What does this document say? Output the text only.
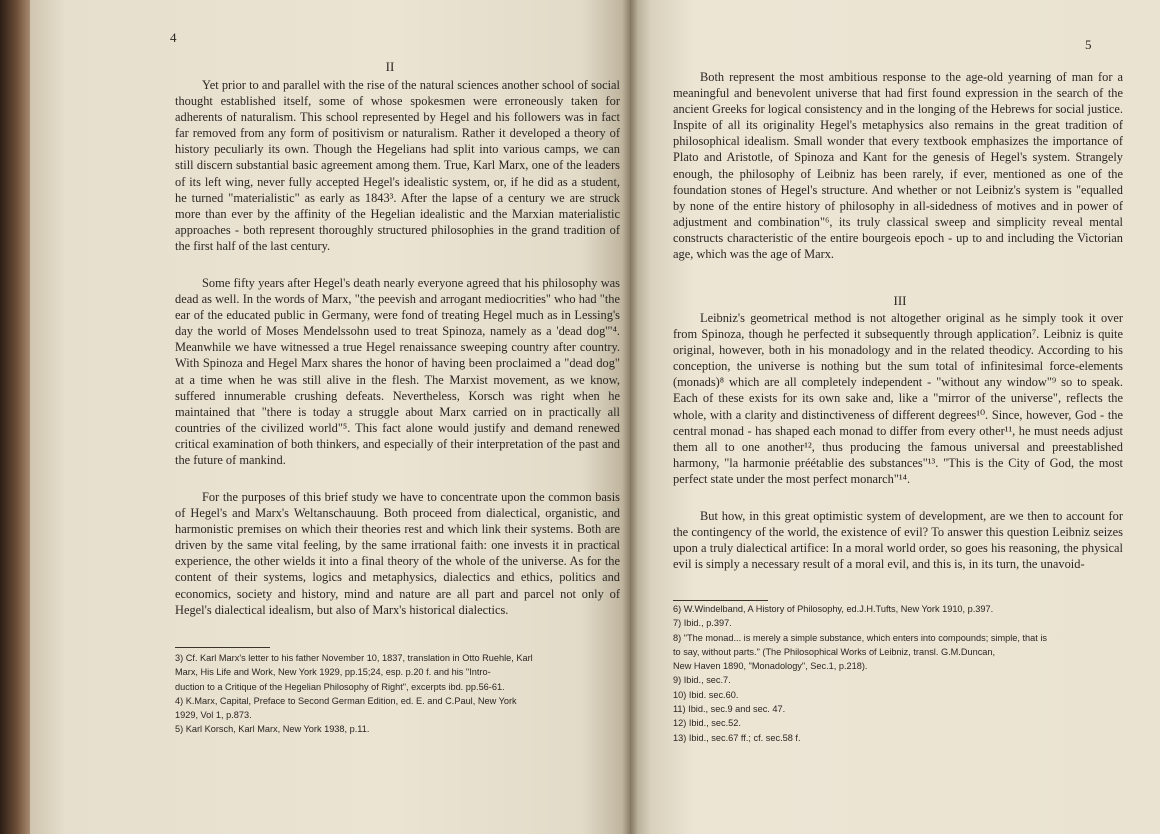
4
II

Yet prior to and parallel with the rise of the natural sciences another school of social thought established itself, some of whose spokesmen were erroneously taken for adherents of naturalism. This school represented by Hegel and his followers was in fact far removed from any form of positivism or naturalism. Rather it developed a theory of history peculiarly its own. Though the Hegelians had split into various camps, we can still discern substantial basic agreement among them. True, Karl Marx, one of the leaders of its left wing, never fully accepted Hegel's idealistic system, or, if he did as a student, he turned "materialistic" as early as 1843³. After the lapse of a century we are struck more than ever by the affinity of the Hegelian idealistic and the Marxian materialistic approaches - both represent thoroughly structured philosophies in the grand tradition of the first half of the last century.

Some fifty years after Hegel's death nearly everyone agreed that his philosophy was dead as well. In the words of Marx, "the peevish and arrogant mediocrities" who had "the ear of the educated public in Germany, were fond of treating Hegel much as in Lessing's day the world of Moses Mendelssohn used to treat Spinoza, namely as a 'dead dog'"⁴. Meanwhile we have witnessed a true Hegel renaissance sweeping country after country. With Spinoza and Hegel Marx shares the honor of having been proclaimed a "dead dog" at a time when he was still alive in the flesh. The Marxist movement, as we know, suffered innumerable crushing defeats. Nevertheless, Korsch was right when he maintained that "there is today a struggle about Marx carried on in practically all countries of the civilized world"⁵. This fact alone would justify and demand renewed critical examination of both thinkers, and especially of their interpretation of the past and the future of mankind.

For the purposes of this brief study we have to concentrate upon the common basis of Hegel's and Marx's Weltanschauung. Both proceed from dialectical, organistic, and harmonistic premises on which their theories rest and which link their systems. Both are driven by the same vital feeling, by the same irrational faith: one invests it in practical experience, the other wields it into a final theory of the whole of the universe. As for the content of their systems, logics and metaphysics, dialectics and ethics, politics and economics, society and history, mind and nature are all part and parcel not only of Hegel's dialectical idealism, but also of Marx's historical dialectics.

3) Cf. Karl Marx's letter to his father November 10, 1837, translation in Otto Ruehle, Karl
Marx, His Life and Work, New York 1929, pp.15;24, esp. p.20 f. and his "Intro-
duction to a Critique of the Hegelian Philosophy of Right", excerpts ibd. pp.56-61.
4) K.Marx, Capital, Preface to Second German Edition, ed. E. and C.Paul, New York
1929, Vol 1, p.873.
5) Karl Korsch, Karl Marx, New York 1938, p.11.
5

Both represent the most ambitious response to the age-old yearning of man for a meaningful and benevolent universe that had first found expression in the search of the ancient Greeks for logical consistency and in the longing of the Hebrews for social justice. Inspite of all its originality Hegel's metaphysics also remains in the great tradition of philosophical idealism. Small wonder that every textbook emphasizes the importance of Plato and Aristotle, of Spinoza and Kant for the genesis of Hegel's system. Strangely enough, the philosophy of Leibniz has been rarely, if ever, mentioned as one of the foundation stones of Hegel's structure. And whether or not Leibniz's system is "equalled by none of the entire history of philosophy in all-sidedness of motives and in power of adjustment and combination"⁶, its truly classical sweep and simplicity reveal mental constructs characteristic of the entire bourgeois epoch - up to and including the Victorian age, which was the age of Marx.

III

Leibniz's geometrical method is not altogether original as he simply took it over from Spinoza, though he perfected it subsequently through application⁷. Leibniz is quite original, however, both in his monadology and in the related theodicy. According to his conception, the universe is nothing but the sum total of infinitesimal force-elements (monads)⁸ which are all completely independent - "without any window"⁹ so to speak. Each of these exists for its own sake and, like a "mirror of the universe", reflects the whole, with a clarity and distinctiveness of different degrees¹⁰. Since, however, God - the central monad - has shaped each monad to differ from every other¹¹, he must needs adjust them all to one another¹², thus producing the famous universal and preestablished harmony, "la harmonie préétablie des substances"¹³. "This is the City of God, the most perfect state under the most perfect monarch"¹⁴.

But how, in this great optimistic system of development, are we then to account for the contingency of the world, the existence of evil? To answer this question Leibniz seizes upon a truly dialectical artifice: In a moral world order, so goes his reasoning, the physical evil is simply a necessary result of a moral evil, and this is, in its turn, the unavoid-

6) W.Windelband, A History of Philosophy, ed.J.H.Tufts, New York 1910, p.397.
7) Ibid., p.397.
8) "The monad... is merely a simple substance, which enters into compounds; simple, that is
to say, without parts." (The Philosophical Works of Leibniz, transl. G.M.Duncan,
New Haven 1890, "Monadology", Sec.1, p.218).
9) Ibid., sec.7.
10) Ibid. sec.60.
11) Ibid., sec.9 and sec. 47.
12) Ibid., sec.52.
13) Ibid., sec.67 ff.; cf. sec.58 f.
